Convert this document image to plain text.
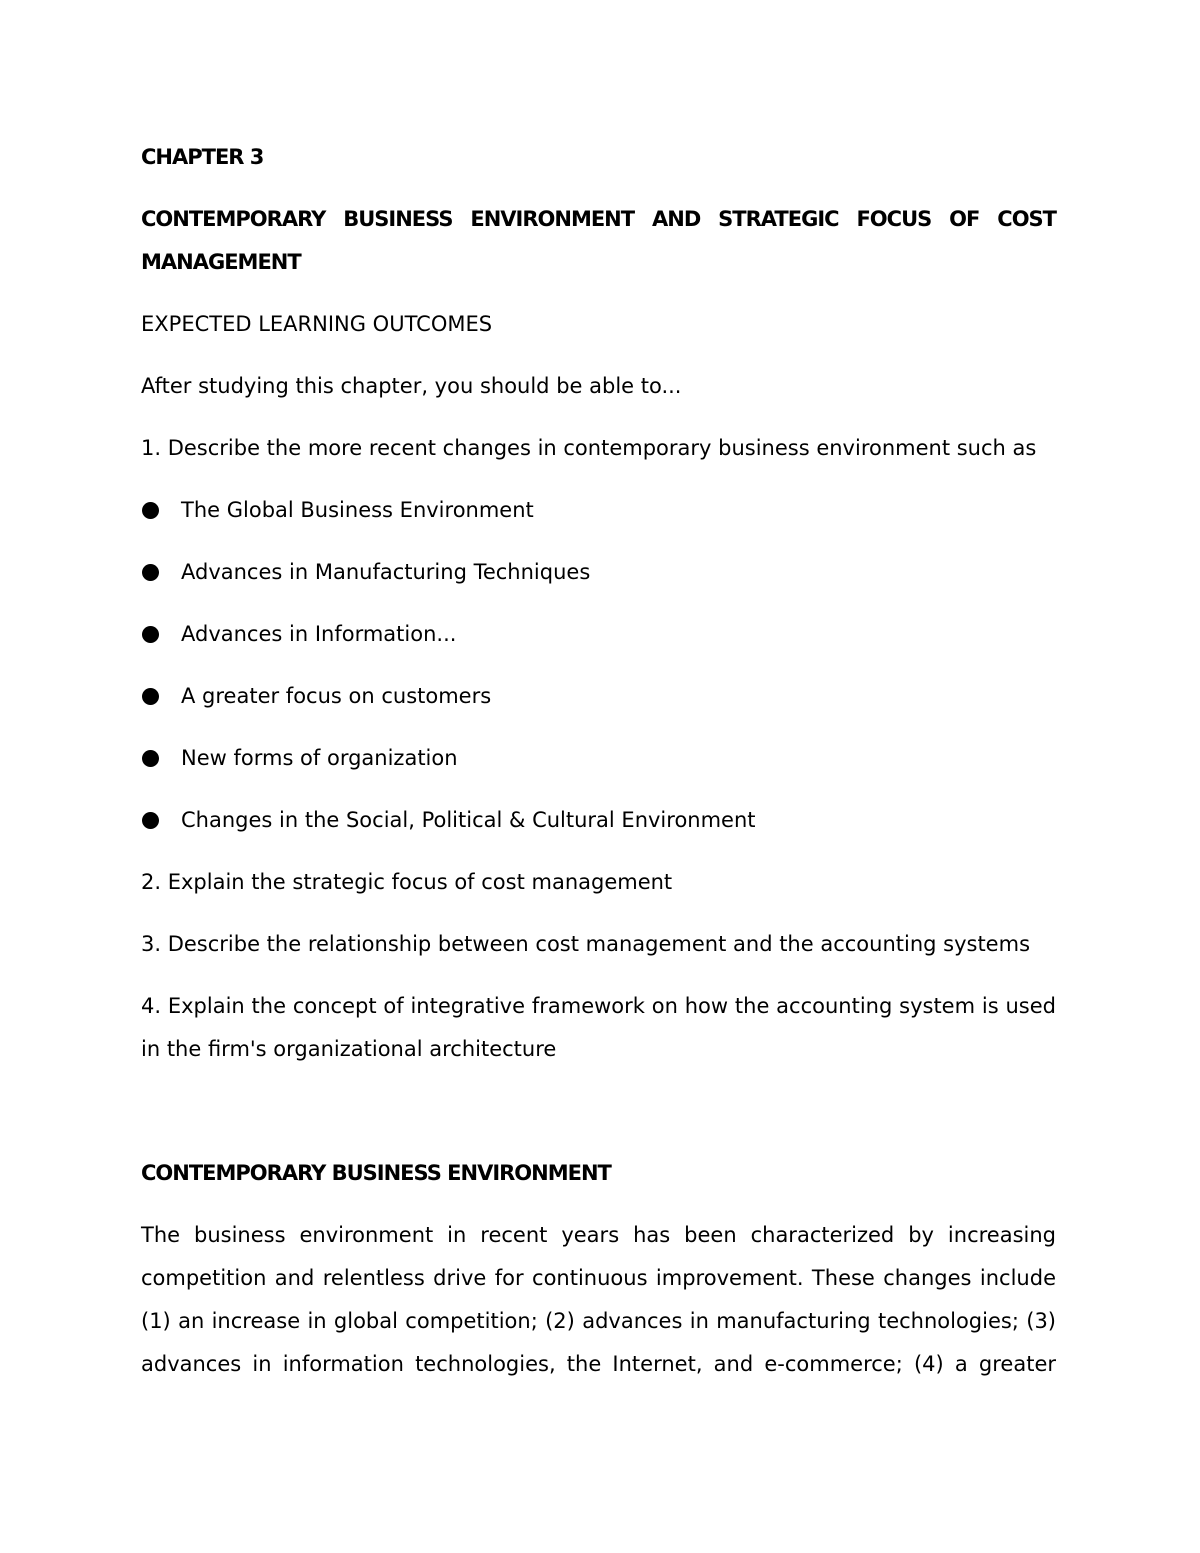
CHAPTER 3
CONTEMPORARY BUSINESS ENVIRONMENT AND STRATEGIC FOCUS OF COST MANAGEMENT
EXPECTED LEARNING OUTCOMES
After studying this chapter, you should be able to...
1. Describe the more recent changes in contemporary business environment such as
The Global Business Environment
Advances in Manufacturing Techniques
Advances in Information...
A greater focus on customers
New forms of organization
Changes in the Social, Political & Cultural Environment
2. Explain the strategic focus of cost management
3. Describe the relationship between cost management and the accounting systems
4. Explain the concept of integrative framework on how the accounting system is used in the firm's organizational architecture
CONTEMPORARY BUSINESS ENVIRONMENT
The business environment in recent years has been characterized by increasing competition and relentless drive for continuous improvement. These changes include (1) an increase in global competition; (2) advances in manufacturing technologies; (3) advances in information technologies, the Internet, and e-commerce; (4) a greater
